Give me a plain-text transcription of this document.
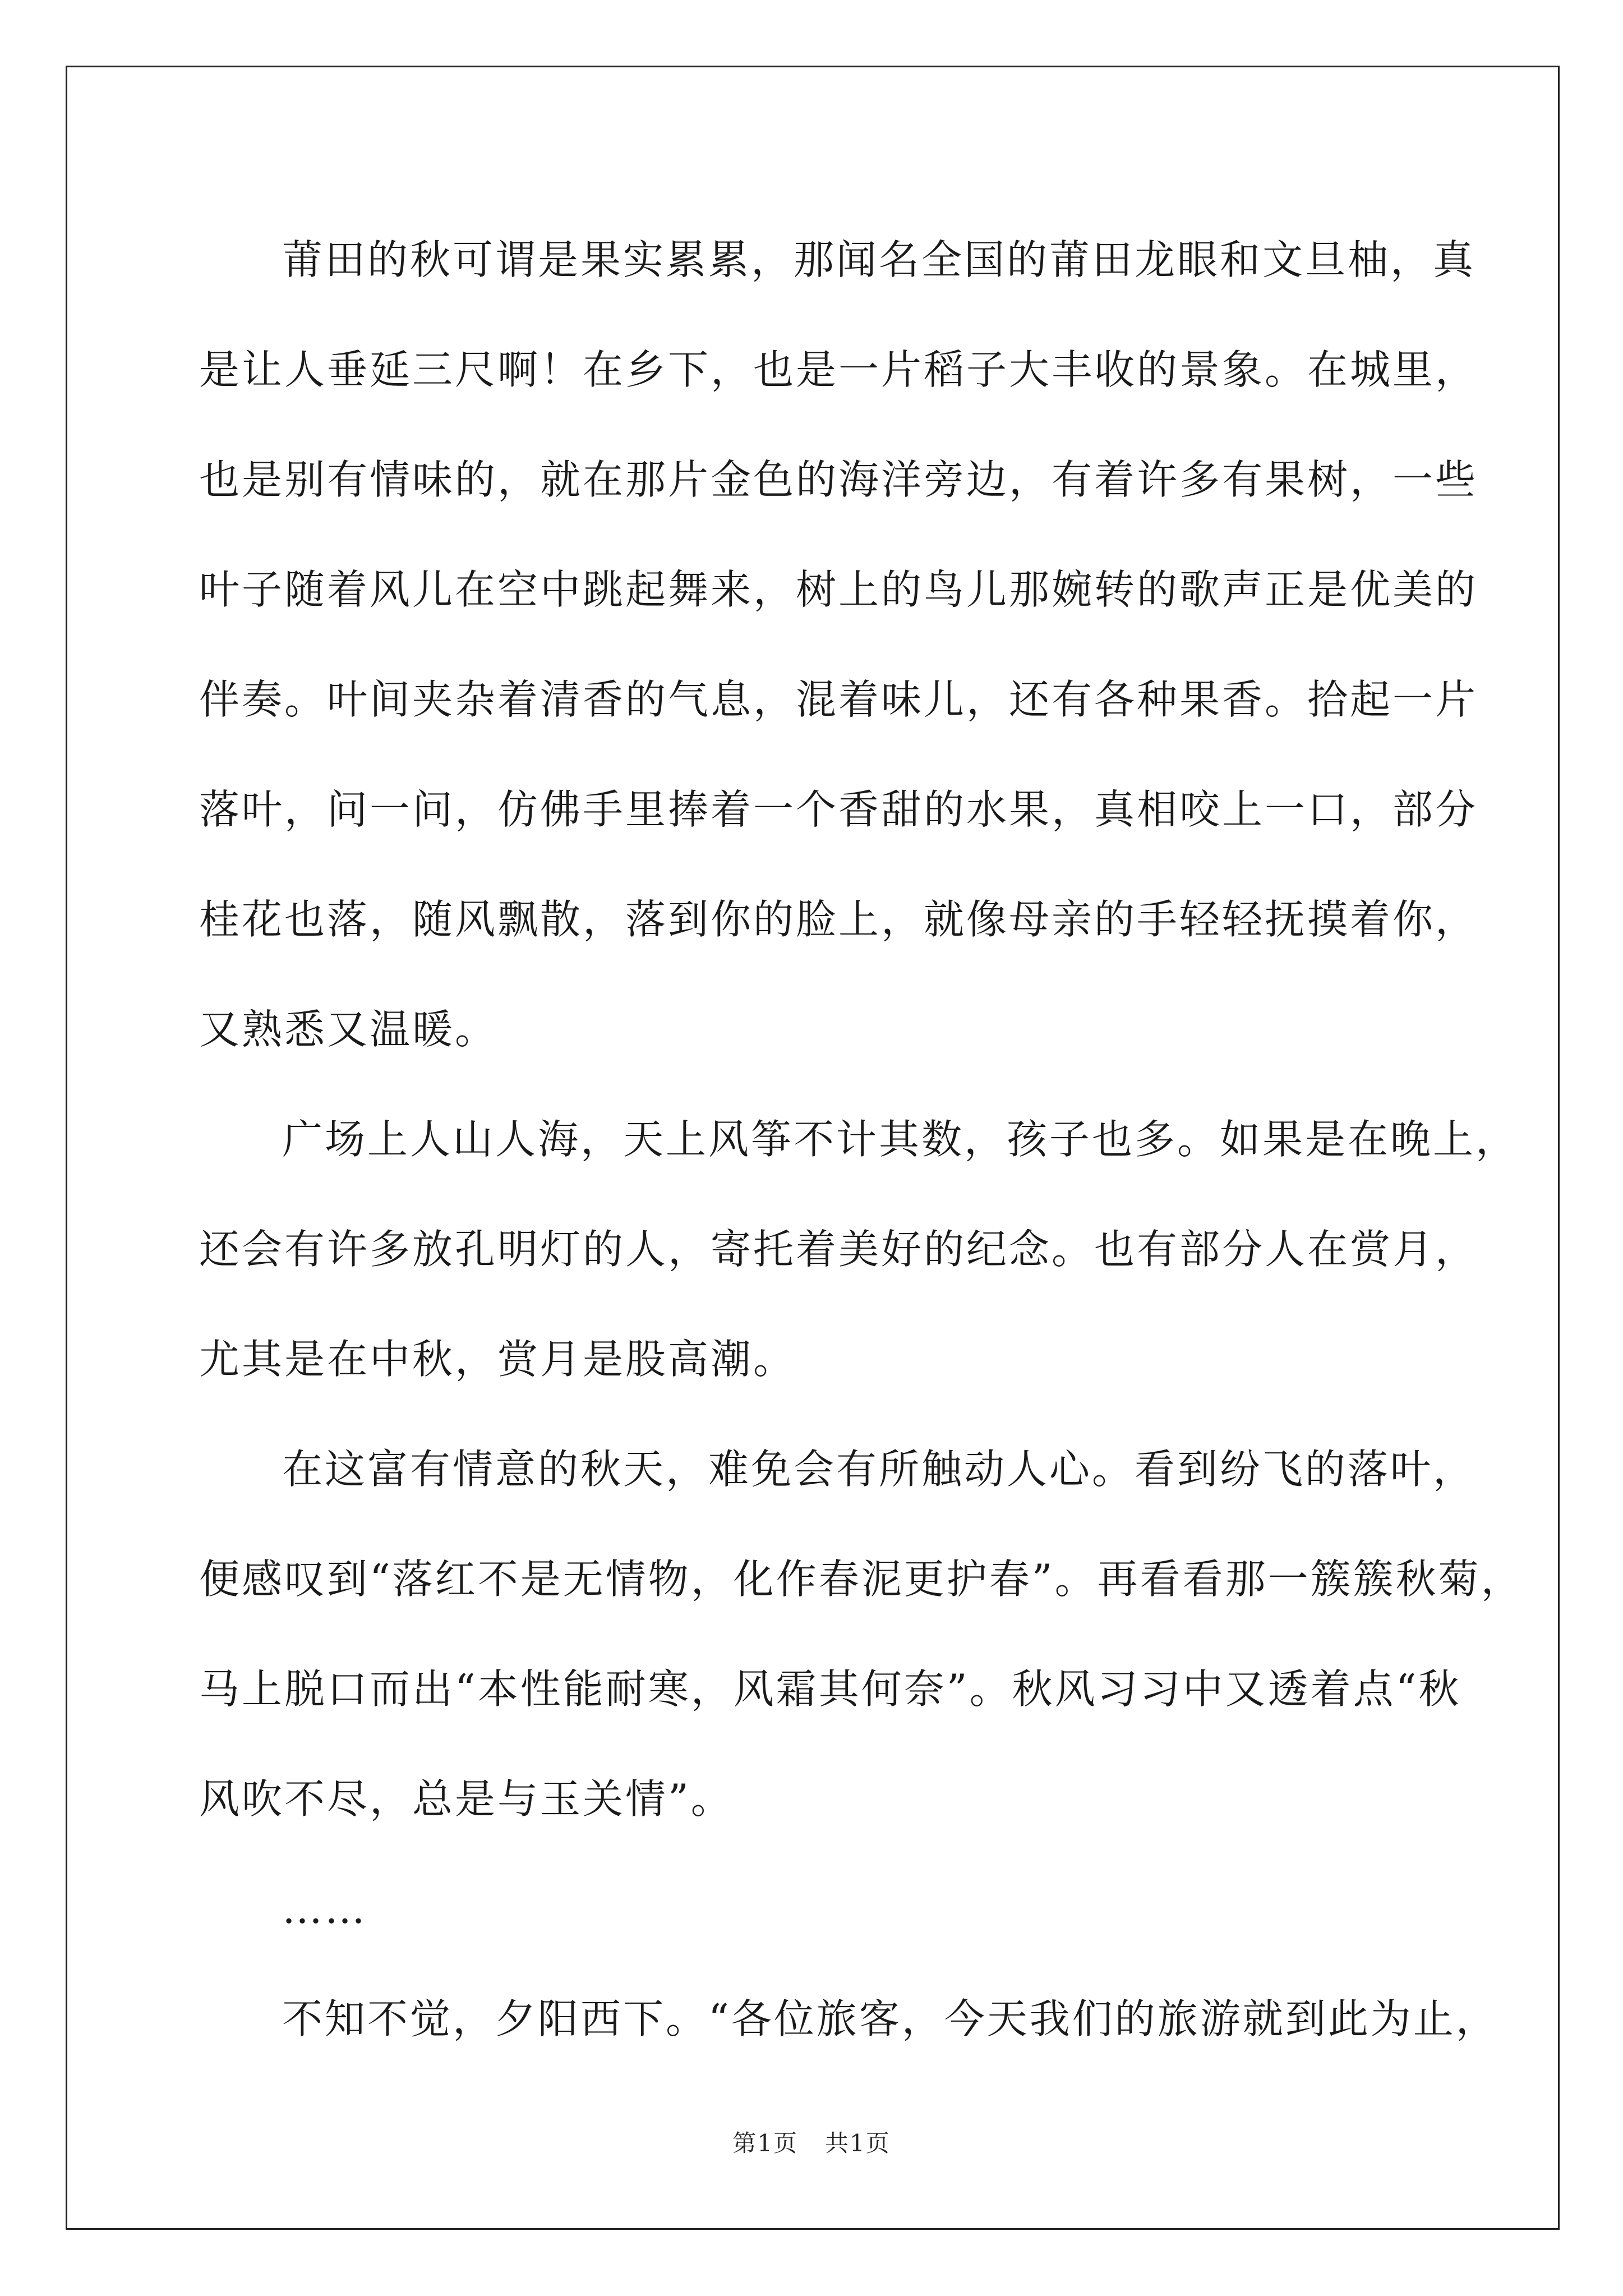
莆田的秋可谓是果实累累，那闻名全国的莆田龙眼和文旦柚，真
是让人垂延三尺啊！在乡下，也是一片稻子大丰收的景象。在城里，
也是别有情味的，就在那片金色的海洋旁边，有着许多有果树，一些
叶子随着风儿在空中跳起舞来，树上的鸟儿那婉转的歌声正是优美的
伴奏。叶间夹杂着清香的气息，混着味儿，还有各种果香。拾起一片
落叶，问一问，仿佛手里捧着一个香甜的水果，真相咬上一口，部分
桂花也落，随风飘散，落到你的脸上，就像母亲的手轻轻抚摸着你，
又熟悉又温暖。
广场上人山人海，天上风筝不计其数，孩子也多。如果是在晚上，
还会有许多放孔明灯的人，寄托着美好的纪念。也有部分人在赏月，
尤其是在中秋，赏月是股高潮。
在这富有情意的秋天，难免会有所触动人心。看到纷飞的落叶，
便感叹到“落红不是无情物，化作春泥更护春”。再看看那一簇簇秋菊，
马上脱口而出“本性能耐寒，风霜其何奈”。秋风习习中又透着点“秋
风吹不尽，总是与玉关情”。
……
不知不觉，夕阳西下。“各位旅客，今天我们的旅游就到此为止，
第1页 共1页
